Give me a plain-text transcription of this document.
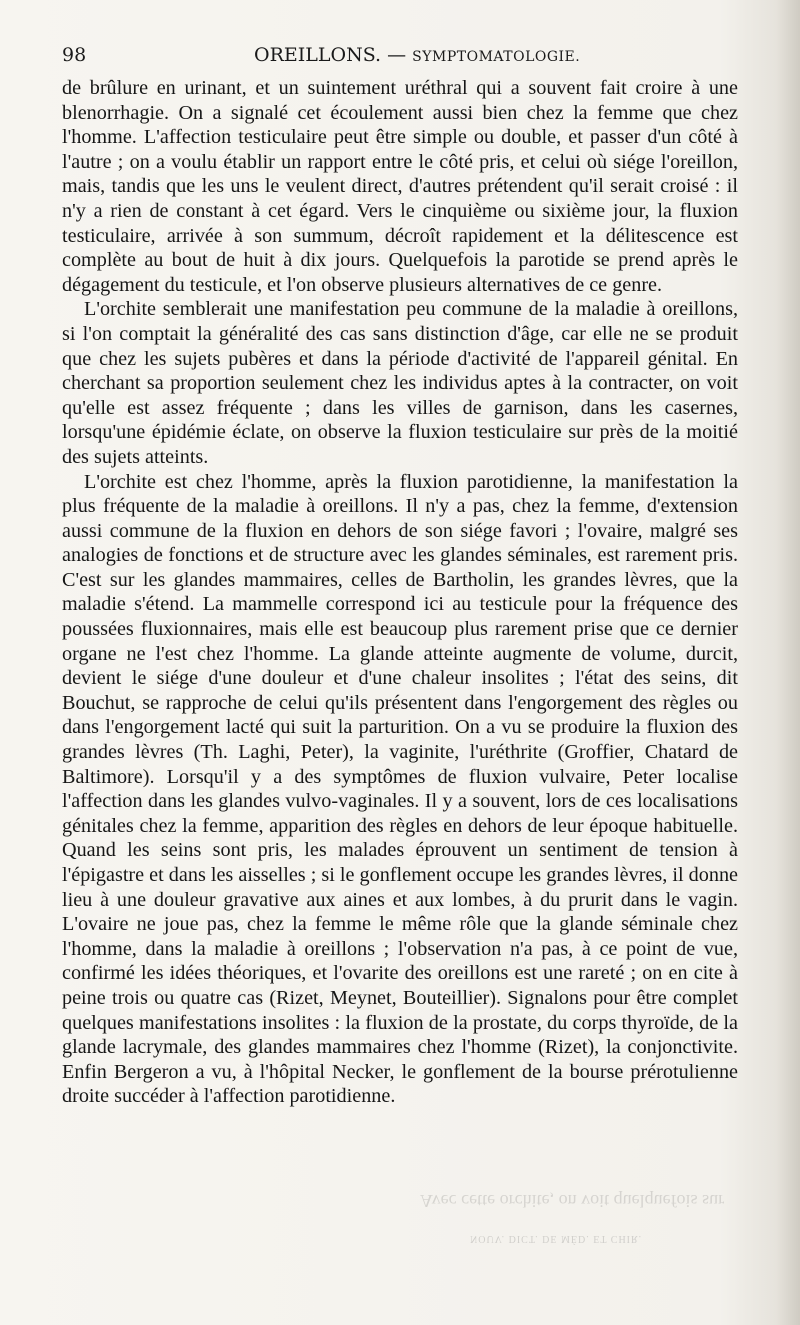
98	OREILLONS. — SYMPTOMATOLOGIE.

de brûlure en urinant, et un suintement uréthral qui a souvent fait croire à une blenorrhagie. On a signalé cet écoulement aussi bien chez la femme que chez l'homme. L'affection testiculaire peut être simple ou double, et passer d'un côté à l'autre ; on a voulu établir un rapport entre le côté pris, et celui où siége l'oreillon, mais, tandis que les uns le veulent direct, d'autres prétendent qu'il serait croisé : il n'y a rien de constant à cet égard. Vers le cinquième ou sixième jour, la fluxion testiculaire, arrivée à son summum, décroît rapidement et la délitescence est complète au bout de huit à dix jours. Quelquefois la parotide se prend après le dégagement du testicule, et l'on observe plusieurs alternatives de ce genre.

L'orchite semblerait une manifestation peu commune de la maladie à oreillons, si l'on comptait la généralité des cas sans distinction d'âge, car elle ne se produit que chez les sujets pubères et dans la période d'activité de l'appareil génital. En cherchant sa proportion seulement chez les individus aptes à la contracter, on voit qu'elle est assez fréquente ; dans les villes de garnison, dans les casernes, lorsqu'une épidémie éclate, on observe la fluxion testiculaire sur près de la moitié des sujets atteints.

L'orchite est chez l'homme, après la fluxion parotidienne, la manifestation la plus fréquente de la maladie à oreillons. Il n'y a pas, chez la femme, d'extension aussi commune de la fluxion en dehors de son siége favori ; l'ovaire, malgré ses analogies de fonctions et de structure avec les glandes séminales, est rarement pris. C'est sur les glandes mammaires, celles de Bartholin, les grandes lèvres, que la maladie s'étend. La mammelle correspond ici au testicule pour la fréquence des poussées fluxionnaires, mais elle est beaucoup plus rarement prise que ce dernier organe ne l'est chez l'homme. La glande atteinte augmente de volume, durcit, devient le siége d'une douleur et d'une chaleur insolites ; l'état des seins, dit Bouchut, se rapproche de celui qu'ils présentent dans l'engorgement des règles ou dans l'engorgement lacté qui suit la parturition. On a vu se produire la fluxion des grandes lèvres (Th. Laghi, Peter), la vaginite, l'uréthrite (Groffier, Chatard de Baltimore). Lorsqu'il y a des symptômes de fluxion vulvaire, Peter localise l'affection dans les glandes vulvo-vaginales. Il y a souvent, lors de ces localisations génitales chez la femme, apparition des règles en dehors de leur époque habituelle. Quand les seins sont pris, les malades éprouvent un sentiment de tension à l'épigastre et dans les aisselles ; si le gonflement occupe les grandes lèvres, il donne lieu à une douleur gravative aux aines et aux lombes, à du prurit dans le vagin. L'ovaire ne joue pas, chez la femme le même rôle que la glande séminale chez l'homme, dans la maladie à oreillons ; l'observation n'a pas, à ce point de vue, confirmé les idées théoriques, et l'ovarite des oreillons est une rareté ; on en cite à peine trois ou quatre cas (Rizet, Meynet, Bouteillier). Signalons pour être complet quelques manifestations insolites : la fluxion de la prostate, du corps thyroïde, de la glande lacrymale, des glandes mammaires chez l'homme (Rizet), la conjonctivite. Enfin Bergeron a vu, à l'hôpital Necker, le gonflement de la bourse prérotulienne droite succéder à l'affection parotidienne.

Avec cette orchite, on voit quelquefois sur
NOUV. DICT. DE MÉD. ET CHIR.
